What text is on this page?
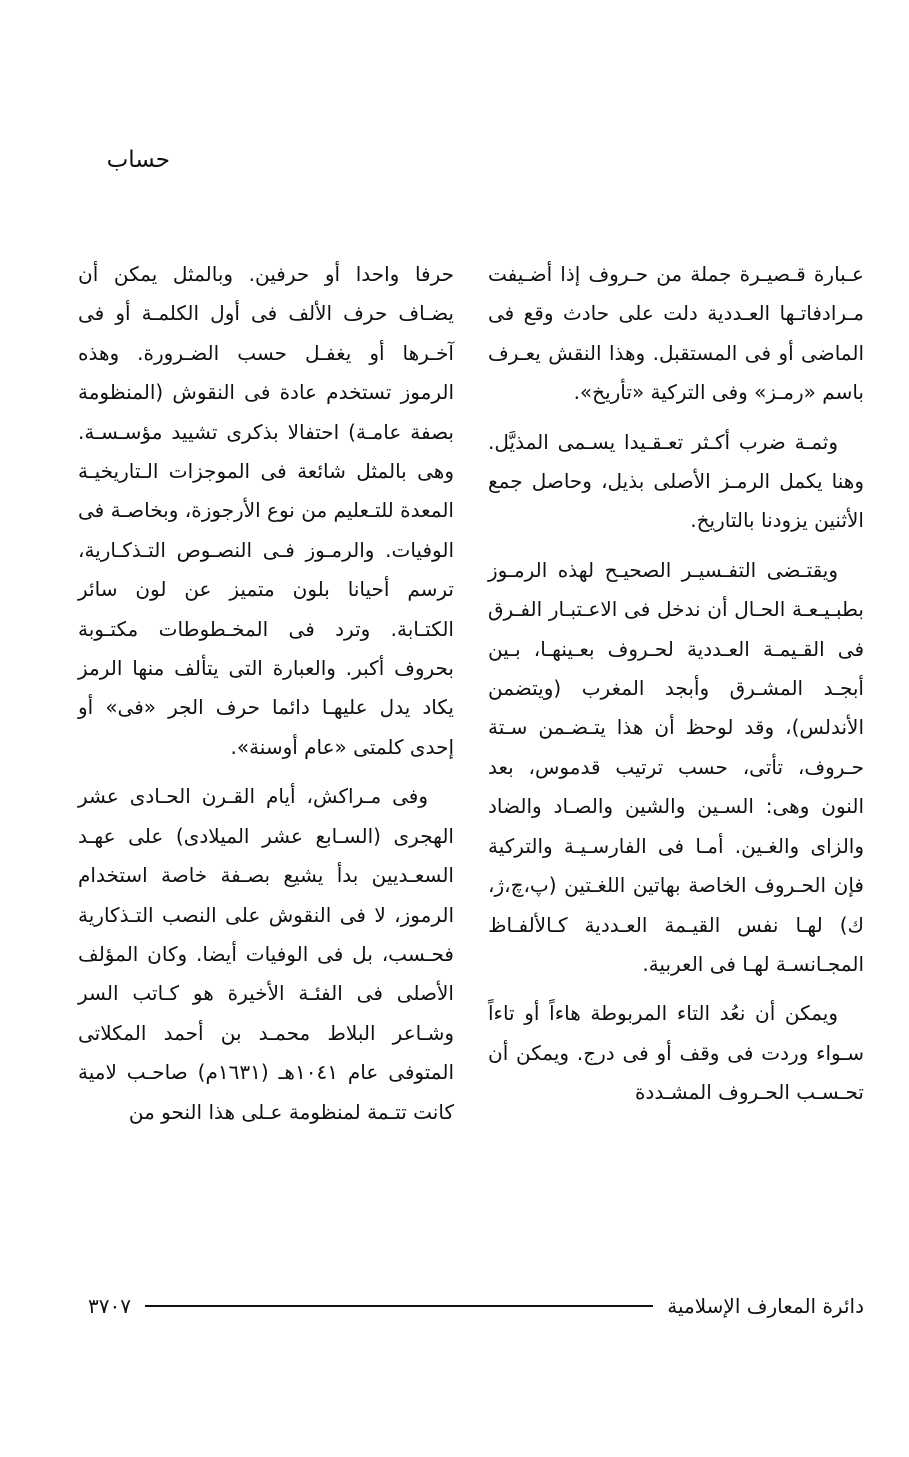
حساب

عـبارة قـصيـرة جملة من حـروف إذا أضـيفت مـرادفاتـها العـددية دلت على حادث وقع فى الماضى أو فى المستقبل. وهذا النقش يعـرف باسم «رمـز» وفى التركية «تأريخ».

وثمـة ضرب أكـثر تعـقـيدا يسـمى المذيَّل. وهنا يكمل الرمـز الأصلى بذيل، وحاصل جمع الأثنين يزودنا بالتاريخ.

ويقتـضى التفـسيـر الصحيـح لهذه الرمـوز بطبـيـعـة الحـال أن ندخل فى الاعـتبـار الفـرق فى القـيمـة العـددية لحـروف بعـينهـا، بـين أبجـد المشـرق وأبجد المغرب (ويتضمن الأندلس)، وقد لوحظ أن هذا يتـضـمن سـتة حـروف، تأتى، حسب ترتيب قدموس، بعد النون وهى: السـين والشين والصـاد والضاد والزاى والغـين. أمـا فى الفارسـيـة والتركية فإن الحـروف الخاصة بهاتين اللغـتين (پ،چ،ژ، ك) لهـا نفس القيـمة العـددية كـالألفـاظ المجـانسـة لهـا فى العربية.

ويمكن أن نعُد التاء المربوطة هاءاً أو تاءاً سـواء وردت فى وقف أو فى درج. ويمكن أن تحـسـب الحـروف المشـددة

حرفا واحدا أو حرفين. وبالمثل يمكن أن يضـاف حرف الألف فى أول الكلمـة أو فى آخـرها أو يغفـل حسب الضـرورة. وهذه الرموز تستخدم عادة فى النقوش (المنظومة بصفة عامـة) احتفالا بذكرى تشييد مؤسـسـة. وهى بالمثل شائعة فى الموجزات الـتاريخيـة المعدة للتـعليم من نوع الأرجوزة، وبخاصـة فى الوفيات. والرمـوز فـى النصـوص التـذكـارية، ترسم أحيانا بلون متميز عن لون سائر الكتـابة. وترد فى المخـطوطات مكتـوبة بحروف أكبر. والعبارة التى يتألف منها الرمز يكاد يدل عليهـا دائما حرف الجر «فى» أو إحدى كلمتى «عام أوسنة».

وفى مـراكش، أيام القـرن الحـادى عشر الهجرى (السـابع عشر الميلادى) على عهـد السعـديين بدأ يشيع بصـفة خاصة استخدام الرموز، لا فى النقوش على النصب التـذكارية فحـسب، بل فى الوفيات أيضا. وكان المؤلف الأصلى فى الفئـة الأخيرة هو كـاتب السر وشـاعر البلاط محمـد بن أحمد المكلاتى المتوفى عام ١٠٤١هـ (١٦٣١م) صاحـب لامية كانت تتـمة لمنظومة عـلى هذا النحو من

دائرة المعارف الإسلامية
٣٧٠٧
